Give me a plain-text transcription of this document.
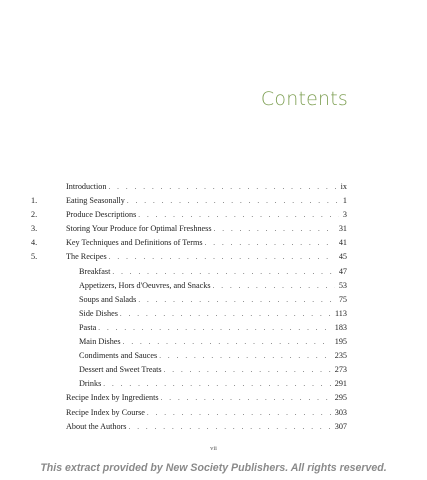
Contents
Introduction . . .	ix
1.	Eating Seasonally . . .	1
2.	Produce Descriptions . . .	3
3.	Storing Your Produce for Optimal Freshness . . .	31
4.	Key Techniques and Definitions of Terms . . .	41
5.	The Recipes . . .	45
Breakfast . . .	47
Appetizers, Hors d'Oeuvres, and Snacks . . .	53
Soups and Salads . . .	75
Side Dishes . . .	113
Pasta . . .	183
Main Dishes . . .	195
Condiments and Sauces . . .	235
Dessert and Sweet Treats . . .	273
Drinks . . .	291
Recipe Index by Ingredients . . .	295
Recipe Index by Course . . .	303
About the Authors . . .	307
vii
This extract provided by New Society Publishers. All rights reserved.
